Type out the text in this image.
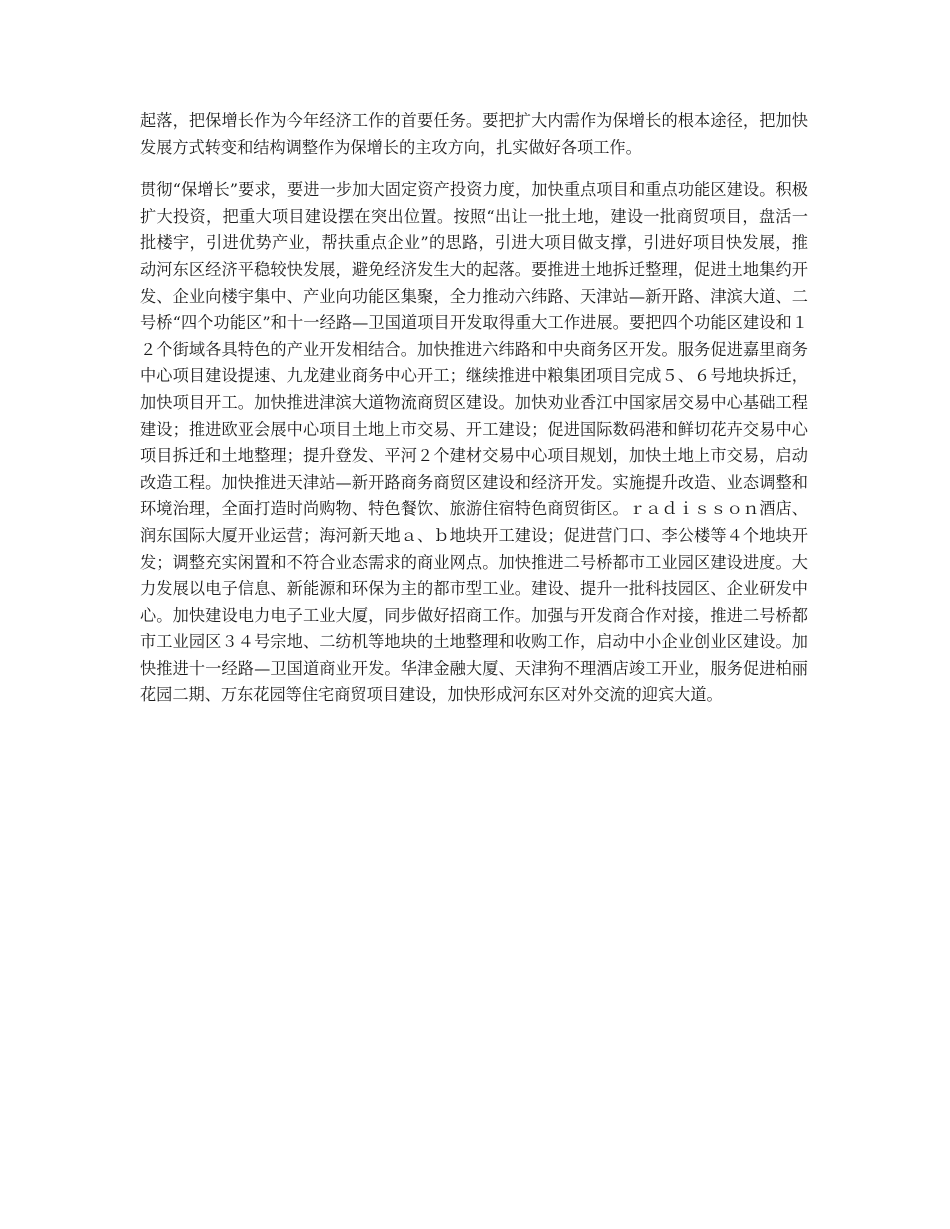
起落，把保增长作为今年经济工作的首要任务。要把扩大内需作为保增长的根本途径，把加快发展方式转变和结构调整作为保增长的主攻方向，扎实做好各项工作。

贯彻“保增长”要求，要进一步加大固定资产投资力度，加快重点项目和重点功能区建设。积极扩大投资，把重大项目建设摆在突出位置。按照“出让一批土地，建设一批商贸项目，盘活一批楼宇，引进优势产业，帮扶重点企业”的思路，引进大项目做支撑，引进好项目快发展，推动河东区经济平稳较快发展，避免经济发生大的起落。要推进土地拆迁整理，促进土地集约开发、企业向楼宇集中、产业向功能区集聚，全力推动六纬路、天津站—新开路、津滨大道、二号桥“四个功能区”和十一经路—卫国道项目开发取得重大工作进展。要把四个功能区建设和１２个街域各具特色的产业开发相结合。加快推进六纬路和中央商务区开发。服务促进嘉里商务中心项目建设提速、九龙建业商务中心开工；继续推进中粮集团项目完成５、６号地块拆迁，加快项目开工。加快推进津滨大道物流商贸区建设。加快劝业香江中国家居交易中心基础工程建设；推进欧亚会展中心项目土地上市交易、开工建设；促进国际数码港和鲜切花卉交易中心项目拆迁和土地整理；提升登发、平河２个建材交易中心项目规划，加快土地上市交易，启动改造工程。加快推进天津站—新开路商务商贸区建设和经济开发。实施提升改造、业态调整和环境治理，全面打造时尚购物、特色餐饮、旅游住宿特色商贸街区。ｒａｄｉｓｓｏｎ酒店、润东国际大厦开业运营；海河新天地ａ、ｂ地块开工建设；促进营门口、李公楼等４个地块开发；调整充实闲置和不符合业态需求的商业网点。加快推进二号桥都市工业园区建设进度。大力发展以电子信息、新能源和环保为主的都市型工业。建设、提升一批科技园区、企业研发中心。加快建设电力电子工业大厦，同步做好招商工作。加强与开发商合作对接，推进二号桥都市工业园区３４号宗地、二纺机等地块的土地整理和收购工作，启动中小企业创业区建设。加快推进十一经路—卫国道商业开发。华津金融大厦、天津狗不理酒店竣工开业，服务促进柏丽花园二期、万东花园等住宅商贸项目建设，加快形成河东区对外交流的迎宾大道。
